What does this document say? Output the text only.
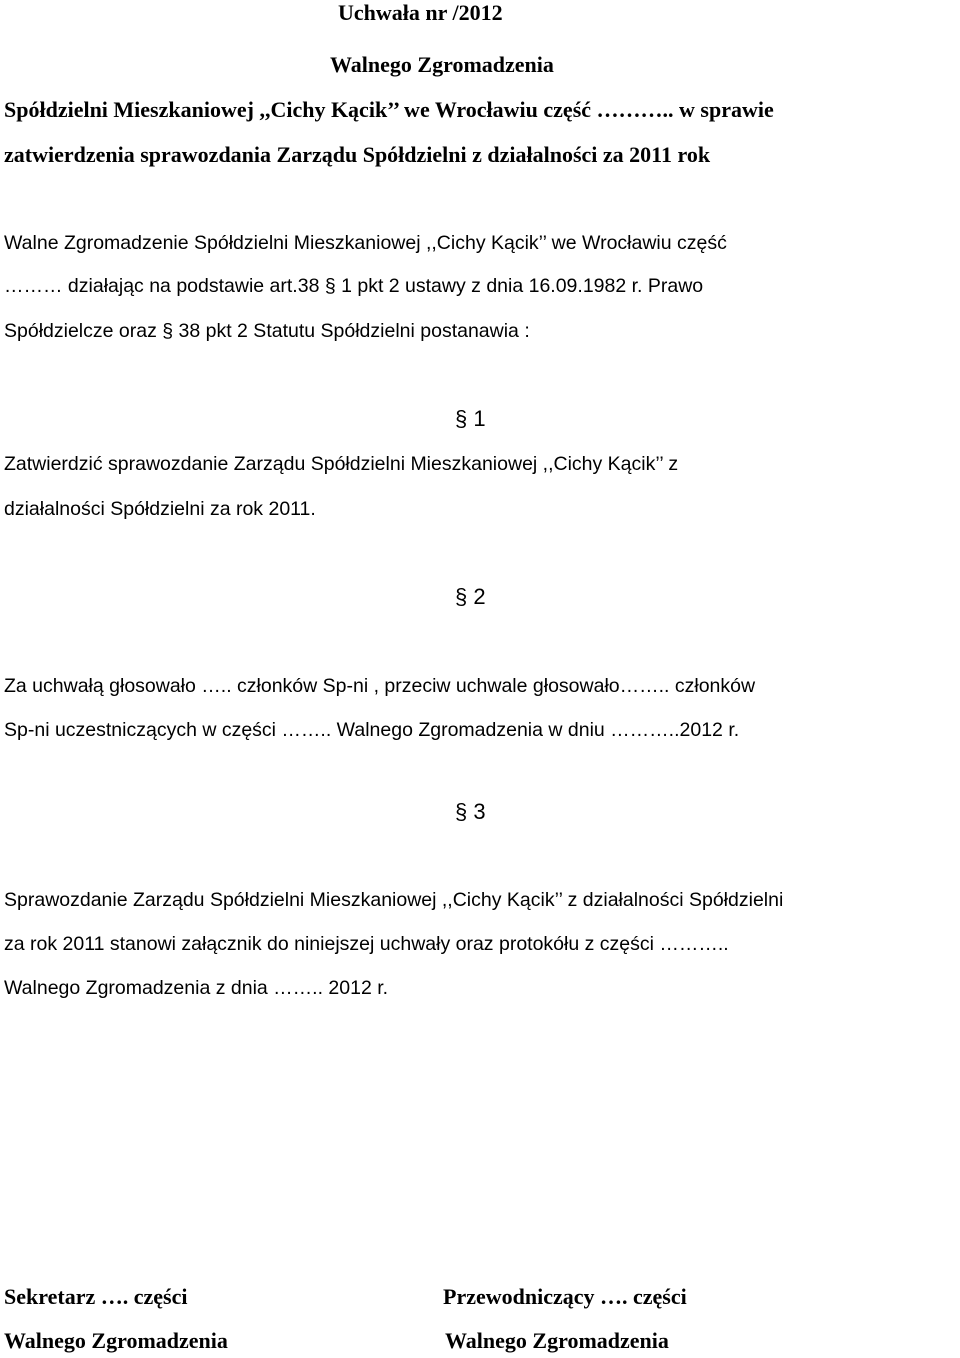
Uchwała nr /2012
Walnego Zgromadzenia
Spółdzielni Mieszkaniowej ,,Cichy Kącik’’ we Wrocławiu część ……….. w sprawie
zatwierdzenia sprawozdania Zarządu Spółdzielni z działalności za 2011 rok
Walne Zgromadzenie Spółdzielni Mieszkaniowej ,,Cichy Kącik’’ we Wrocławiu część
……… działając na podstawie art.38 § 1 pkt 2 ustawy z dnia 16.09.1982 r. Prawo
Spółdzielcze oraz § 38 pkt 2 Statutu Spółdzielni postanawia :
§ 1
Zatwierdzić sprawozdanie Zarządu Spółdzielni Mieszkaniowej ,,Cichy Kącik’’ z
działalności Spółdzielni za rok 2011.
§ 2
Za uchwałą głosowało ….. członków Sp-ni , przeciw uchwale głosowało…….. członków
Sp-ni uczestniczących w części …….. Walnego Zgromadzenia w dniu ………..2012 r.
§ 3
Sprawozdanie Zarządu Spółdzielni Mieszkaniowej ,,Cichy Kącik’’ z działalności Spółdzielni
za rok 2011 stanowi załącznik do niniejszej uchwały oraz protokółu z części ………..
Walnego Zgromadzenia z dnia …….. 2012 r.
Sekretarz …. części
Walnego Zgromadzenia
Przewodniczący …. części
Walnego Zgromadzenia
